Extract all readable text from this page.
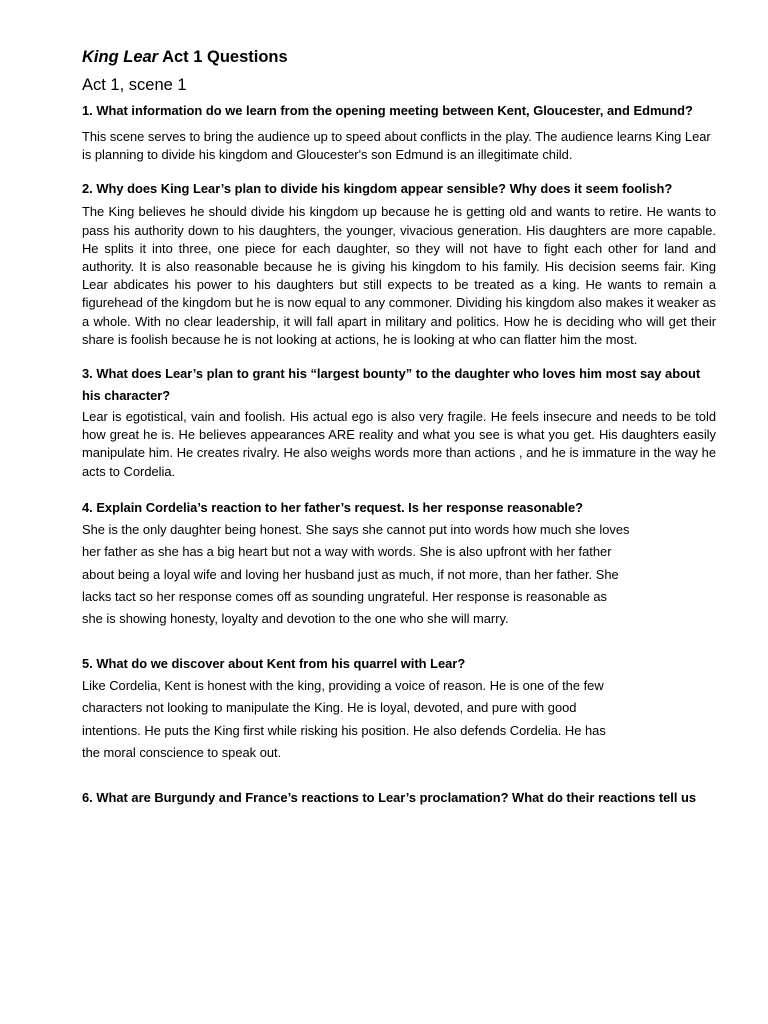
King Lear Act 1 Questions
Act 1, scene 1

1. What information do we learn from the opening meeting between Kent, Gloucester, and Edmund?

This scene serves to bring the audience up to speed about conflicts in the play. The audience learns King Lear is planning to divide his kingdom and Gloucester's son Edmund is an illegitimate child.

2. Why does King Lear’s plan to divide his kingdom appear sensible? Why does it seem foolish?

The King believes he should divide his kingdom up because he is getting old and wants to retire. He wants to pass his authority down to his daughters, the younger, vivacious generation. His daughters are more capable. He splits it into three, one piece for each daughter, so they will not have to fight each other for land and authority. It is also reasonable because he is giving his kingdom to his family. His decision seems fair. King Lear abdicates his power to his daughters but still expects to be treated as a king. He wants to remain a figurehead of the kingdom but he is now equal to any commoner. Dividing his kingdom also makes it weaker as a whole. With no clear leadership, it will fall apart in military and politics. How he is deciding who will get their share is foolish because he is not looking at actions, he is looking at who can flatter him the most.

3. What does Lear’s plan to grant his “largest bounty” to the daughter who loves him most say about his character?

Lear is egotistical, vain and foolish. His actual ego is also very fragile. He feels insecure and needs to be told how great he is. He believes appearances ARE reality and what you see is what you get. His daughters easily manipulate him. He creates rivalry. He also weighs words more than actions , and he is immature in the way he acts to Cordelia.

4. Explain Cordelia’s reaction to her father’s request. Is her response reasonable?

She is the only daughter being honest. She says she cannot put into words how much she loves her father as she has a big heart but not a way with words. She is also upfront with her father about being a loyal wife and loving her husband just as much, if not more, than her father. She lacks tact so her response comes off as sounding ungrateful. Her response is reasonable as she is showing honesty, loyalty and devotion to the one who she will marry.

5. What do we discover about Kent from his quarrel with Lear?

Like Cordelia, Kent is honest with the king, providing a voice of reason. He is one of the few characters not looking to manipulate the King. He is loyal, devoted, and pure with good intentions. He puts the King first while risking his position. He also defends Cordelia. He has the moral conscience to speak out.

6. What are Burgundy and France’s reactions to Lear’s proclamation? What do their reactions tell us
